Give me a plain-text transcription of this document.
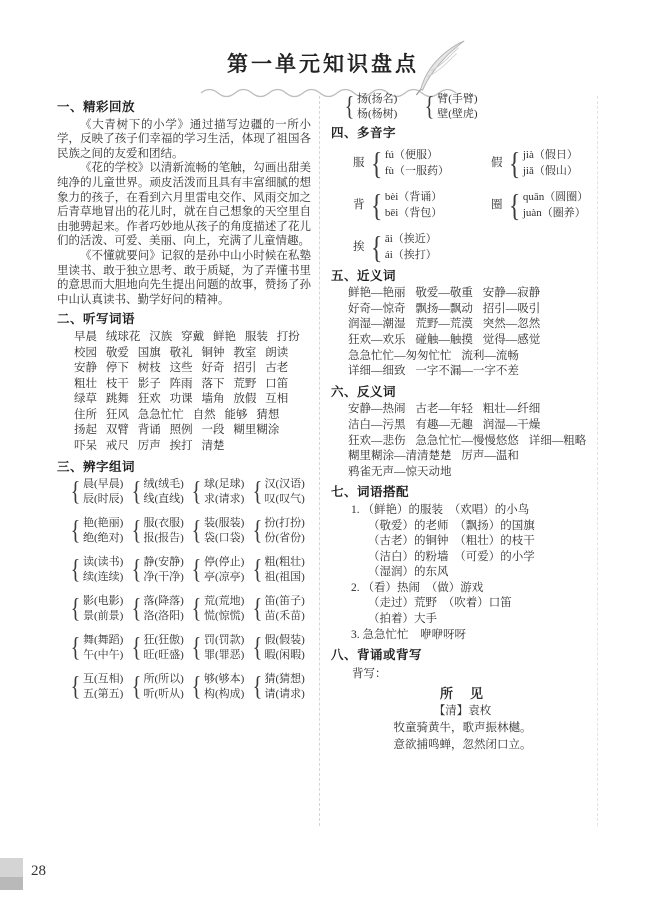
第一单元知识盘点
一、精彩回放

《大青树下的小学》通过描写边疆的一所小学，反映了孩子们幸福的学习生活，体现了祖国各民族之间的友爱和团结。

《花的学校》以清新流畅的笔触，勾画出甜美纯净的儿童世界。顽皮活泼而且具有丰富细腻的想象力的孩子，在看到六月里雷电交作、风雨交加之后青草地冒出的花儿时，就在自己想象的天空里自由驰骋起来。作者巧妙地从孩子的角度描述了花儿们的活泼、可爱、美丽、向上，充满了儿童情趣。

《不懂就要问》记叙的是孙中山小时候在私塾里读书、敢于独立思考、敢于质疑，为了弄懂书里的意思而大胆地向先生提出问题的故事，赞扬了孙中山认真读书、勤学好问的精神。

二、听写词语
早晨 绒球花 汉族 穿戴 鲜艳 服装 打扮
校园 敬爱 国旗 敬礼 铜钟 教室 朗读
安静 停下 树枝 这些 好奇 招引 古老
粗壮 枝干 影子 阵雨 落下 荒野 口笛
绿草 跳舞 狂欢 功课 墙角 放假 互相
住所 狂风 急急忙忙 自然 能够 猜想
扬起 双臂 背诵 照例 一段 糊里糊涂
吓呆 戒尺 厉声 挨打 清楚
三、辨字组词
{ 晨(早晨)
辰(时辰) { 绒(绒毛)
线(直线) { 球(足球)
求(请求) { 汉(汉语)
叹(叹气)
{ 艳(艳丽)
绝(绝对) { 服(衣服)
报(报告) { 装(服装)
袋(口袋) { 扮(打扮)
份(省份)
{ 读(读书)
续(连续) { 静(安静)
净(干净) { 停(停止)
亭(凉亭) { 粗(粗壮)
祖(祖国)
{ 影(电影)
景(前景) { 落(降落)
洛(洛阳) { 荒(荒地)
慌(惊慌) { 笛(笛子)
苗(禾苗)
{ 舞(舞蹈)
午(中午) { 狂(狂傲)
旺(旺盛) { 罚(罚款)
罪(罪恶) { 假(假装)
暇(闲暇)
{ 互(互相)
五(第五) { 所(所以)
听(听从) { 够(够本)
构(构成) { 猜(猜想)
请(请求)
{ 扬(扬名)
杨(杨树) { 臂(手臂)
壁(壁虎)
四、多音字
服 { fú（便服）
fù（一服药）
假 { jià（假日）
jiǎ（假山）
背 { bèi（背诵）
bēi（背包）
圈 { quān（圆圈）
juàn（圈养）
挨 { āi（挨近）
ái（挨打）
五、近义词
鲜艳—艳丽 敬爱—敬重 安静—寂静
好奇—惊奇 飘扬—飘动 招引—吸引
润湿—潮湿 荒野—荒漠 突然—忽然
狂欢—欢乐 碰触—触摸 觉得—感觉
急急忙忙—匆匆忙忙 流利—流畅
详细—细致 一字不漏—一字不差
六、反义词
安静—热闹 古老—年轻 粗壮—纤细
洁白—污黑 有趣—无趣 润湿—干燥
狂欢—悲伤 急急忙忙—慢慢悠悠 详细—粗略
糊里糊涂—清清楚楚 厉声—温和
鸦雀无声—惊天动地
七、词语搭配
1. （鲜艳）的服装　（欢唱）的小鸟
（敬爱）的老师　（飘扬）的国旗
（古老）的铜钟　（粗壮）的枝干
（洁白）的粉墙　（可爱）的小学
（湿润）的东风
2. （看）热闹　（做）游戏
（走过）荒野　（吹着）口笛
（拍着）大手
3. 急急忙忙　咿咿呀呀
八、背诵或背写
背写：
所　见
【清】袁枚
牧童骑黄牛，歌声振林樾。
意欲捕鸣蝉，忽然闭口立。
28
